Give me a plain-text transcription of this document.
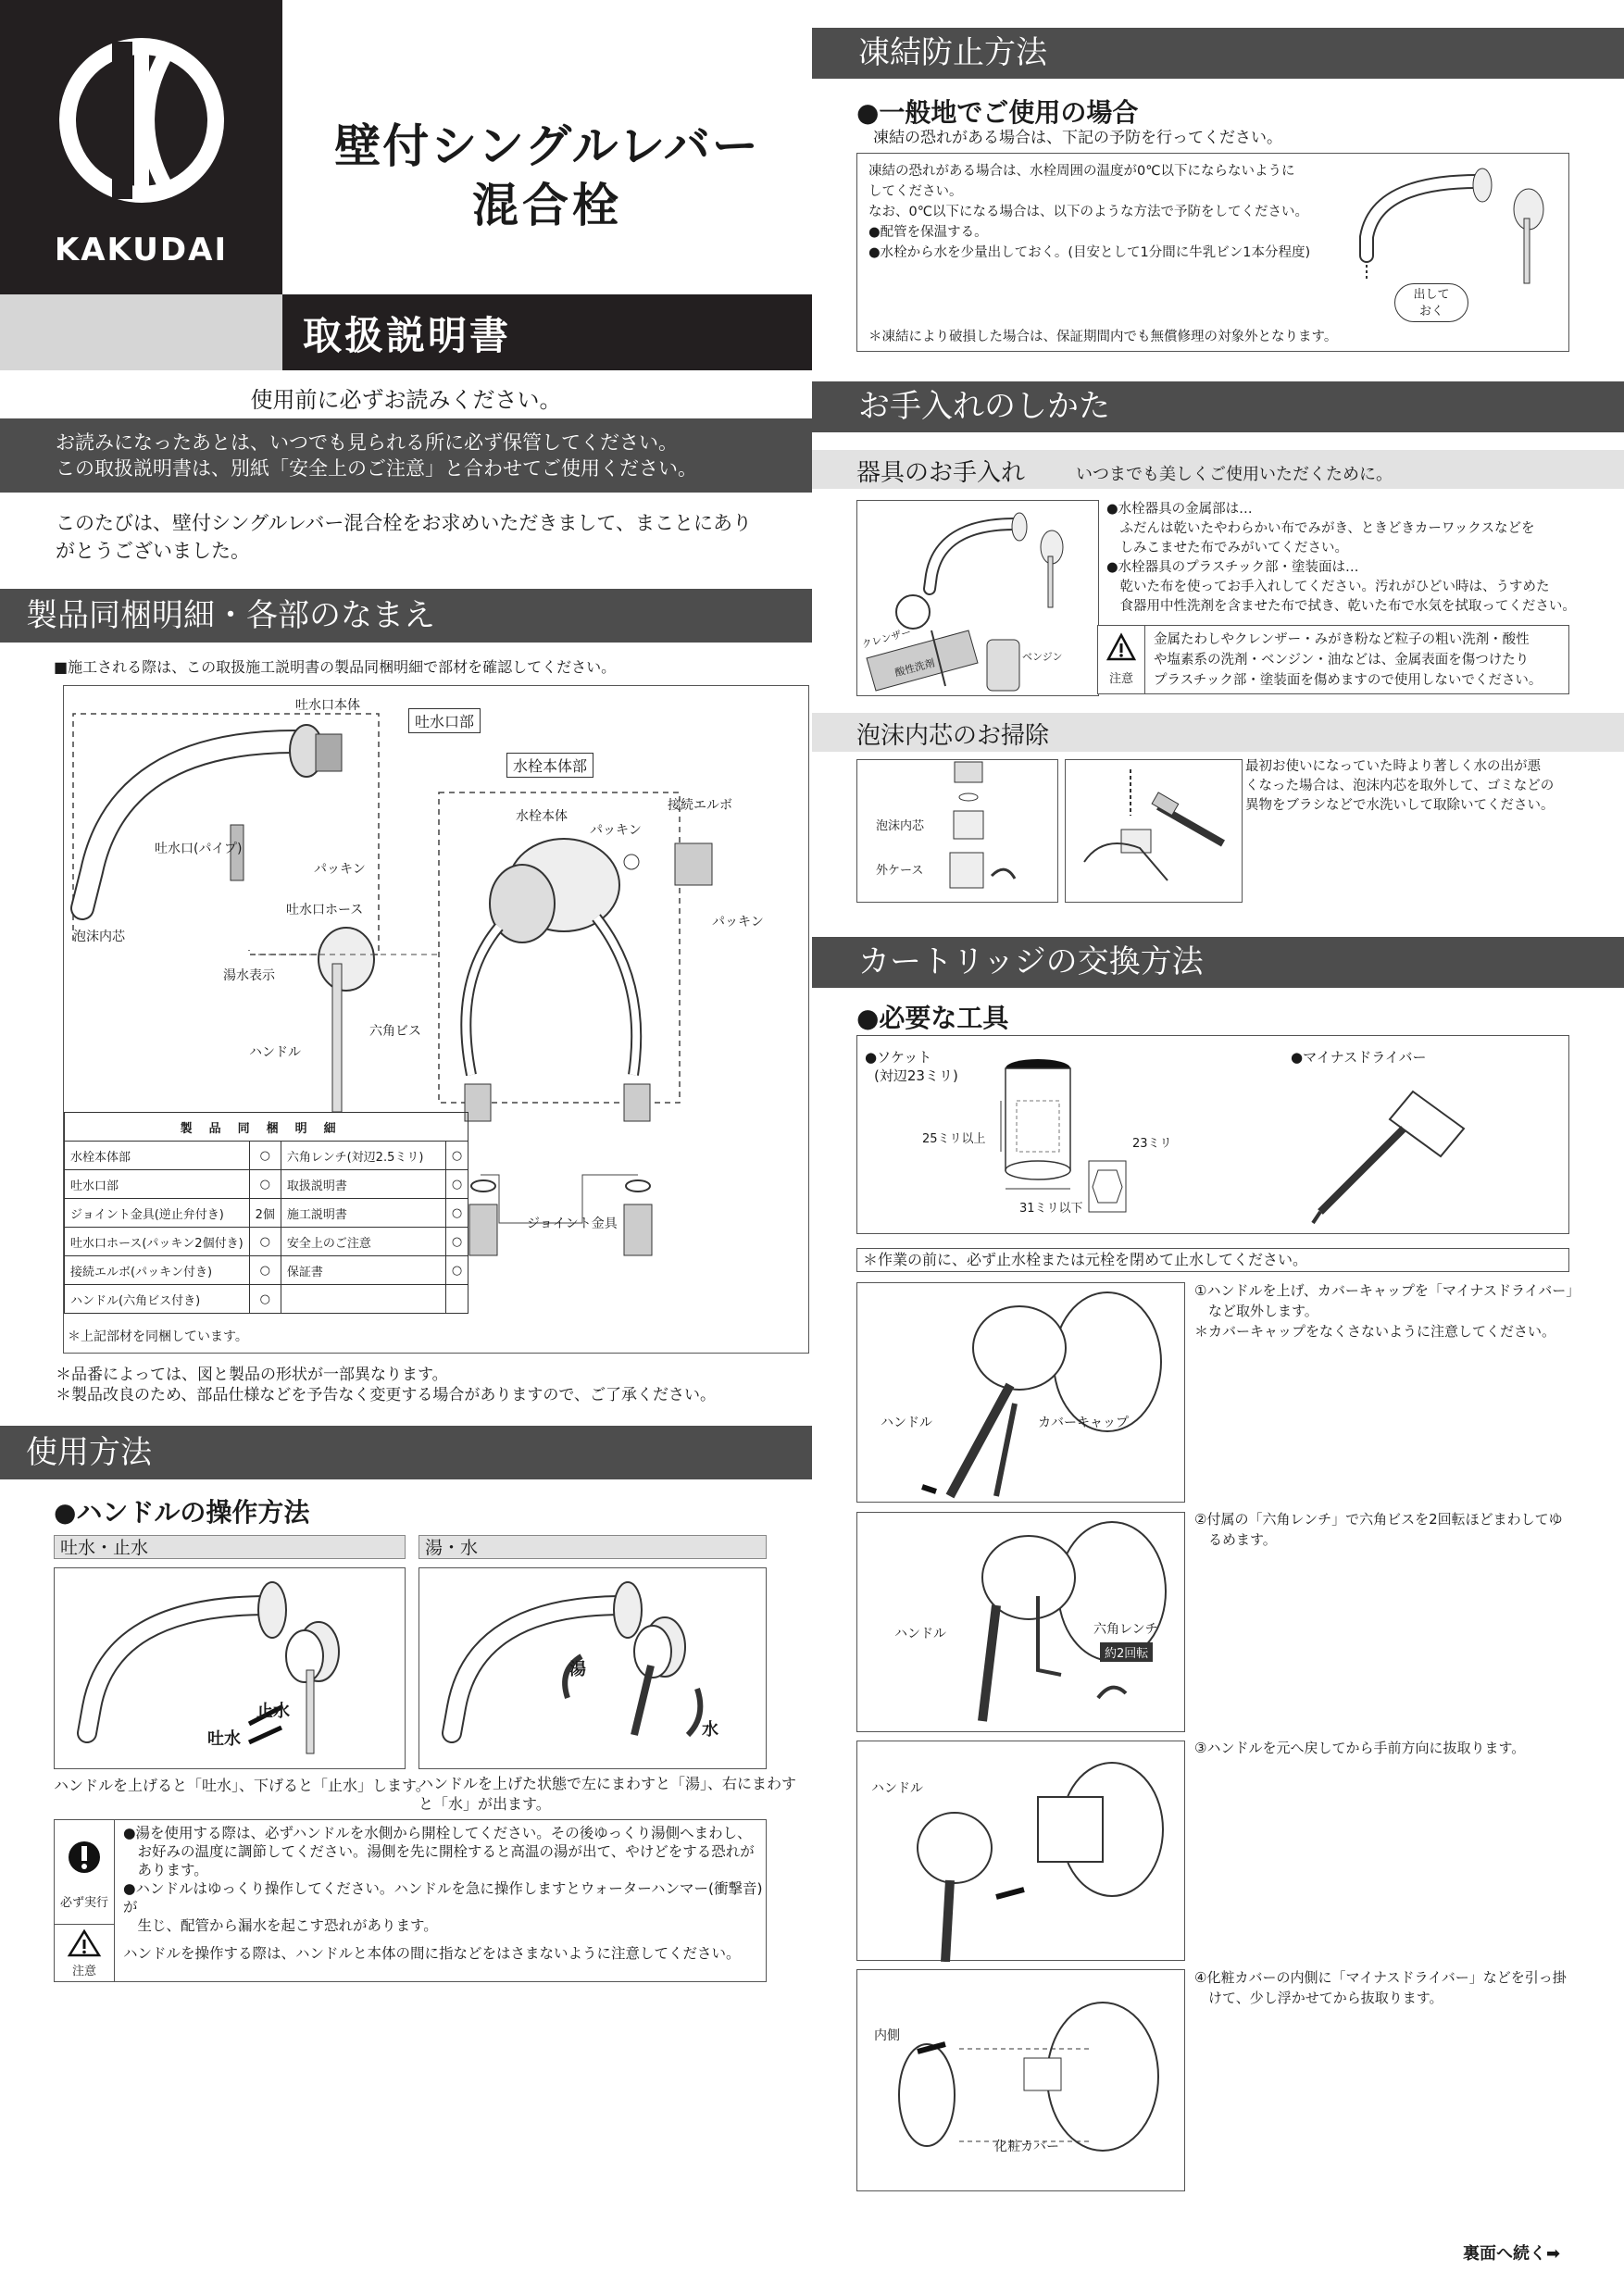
KAKUDAI
壁付シングルレバー
混合栓
取扱説明書
使用前に必ずお読みください。
お読みになったあとは、いつでも見られる所に必ず保管してください。
この取扱説明書は、別紙「安全上のご注意」と合わせてご使用ください。
このたびは、壁付シングルレバー混合栓をお求めいただきまして、まことにあり
がとうございました。
製品同梱明細・各部のなまえ
■施工される際は、この取扱施工説明書の製品同梱明細で部材を確認してください。
吐水口本体
吐水口部
水栓本体部
水栓本体
接続エルボ
吐水口(パイプ)
パッキン
パッキン
パッキン
吐水口ホース
泡沫内芯
湯水表示
六角ビス
ハンドル
ジョイント金具
製品同梱明細			
水栓本体部	○	六角レンチ(対辺2.5ミリ)	○
吐水口部	○	取扱説明書	○
ジョイント金具(逆止弁付き)	2個	施工説明書	○
吐水口ホース(パッキン2個付き)	○	安全上のご注意	○
接続エルボ(パッキン付き)	○	保証書	○
ハンドル(六角ビス付き)	○		
＊上記部材を同梱しています。
＊品番によっては、図と製品の形状が一部異なります。
＊製品改良のため、部品仕様などを予告なく変更する場合がありますので、ご了承ください。
使用方法
●ハンドルの操作方法
吐水・止水
止水
吐水
ハンドルを上げると「吐水」、下げると「止水」します。
湯・水
湯
水
ハンドルを上げた状態で左にまわすと「湯」、右にまわす
と「水」が出ます。
必ず実行
●湯を使用する際は、必ずハンドルを水側から開栓してください。その後ゆっくり湯側へまわし、
　お好みの温度に調節してください。湯側を先に開栓すると高温の湯が出て、やけどをする恐れが
　あります。
●ハンドルはゆっくり操作してください。ハンドルを急に操作しますとウォーターハンマー(衝撃音)が
　生じ、配管から漏水を起こす恐れがあります。
注意
ハンドルを操作する際は、ハンドルと本体の間に指などをはさまないように注意してください。
凍結防止方法
●一般地でご使用の場合
凍結の恐れがある場合は、下記の予防を行ってください。
凍結の恐れがある場合は、水栓周囲の温度が0℃以下にならないように
してください。
なお、0℃以下になる場合は、以下のような方法で予防をしてください。
●配管を保温する。
●水栓から水を少量出しておく。(目安として1分間に牛乳ビン1本分程度)
出して
おく
＊凍結により破損した場合は、保証期間内でも無償修理の対象外となります。
お手入れのしかた
器具のお手入れ	いつまでも美しくご使用いただくために。
クレンザー
酸性洗剤
ベンジン
●水栓器具の金属部は…
　ふだんは乾いたやわらかい布でみがき、ときどきカーワックスなどを
　しみこませた布でみがいてください。
●水栓器具のプラスチック部・塗装面は…
　乾いた布を使ってお手入れしてください。汚れがひどい時は、うすめた
　食器用中性洗剤を含ませた布で拭き、乾いた布で水気を拭取ってください。
注意
金属たわしやクレンザー・みがき粉など粒子の粗い洗剤・酸性
や塩素系の洗剤・ベンジン・油などは、金属表面を傷つけたり
プラスチック部・塗装面を傷めますので使用しないでください。
泡沫内芯のお掃除
泡沫内芯
外ケース
最初お使いになっていた時より著しく水の出が悪
くなった場合は、泡沫内芯を取外して、ゴミなどの
異物をブラシなどで水洗いして取除いてください。
カートリッジの交換方法
●必要な工具
●ソケット
(対辺23ミリ)
25ミリ以上	23ミリ
31ミリ以下
●マイナスドライバー
＊作業の前に、必ず止水栓または元栓を閉めて止水してください。
ハンドル	カバーキャップ
①ハンドルを上げ、カバーキャップを「マイナスドライバー」
　など取外します。
＊カバーキャップをなくさないように注意してください。
ハンドル	六角レンチ
約2回転
②付属の「六角レンチ」で六角ビスを2回転ほどまわしてゆ
　るめます。
ハンドル
③ハンドルを元へ戻してから手前方向に抜取ります。
内側
化粧カバー
④化粧カバーの内側に「マイナスドライバー」などを引っ掛
　けて、少し浮かせてから抜取ります。
裏面へ続く➡
